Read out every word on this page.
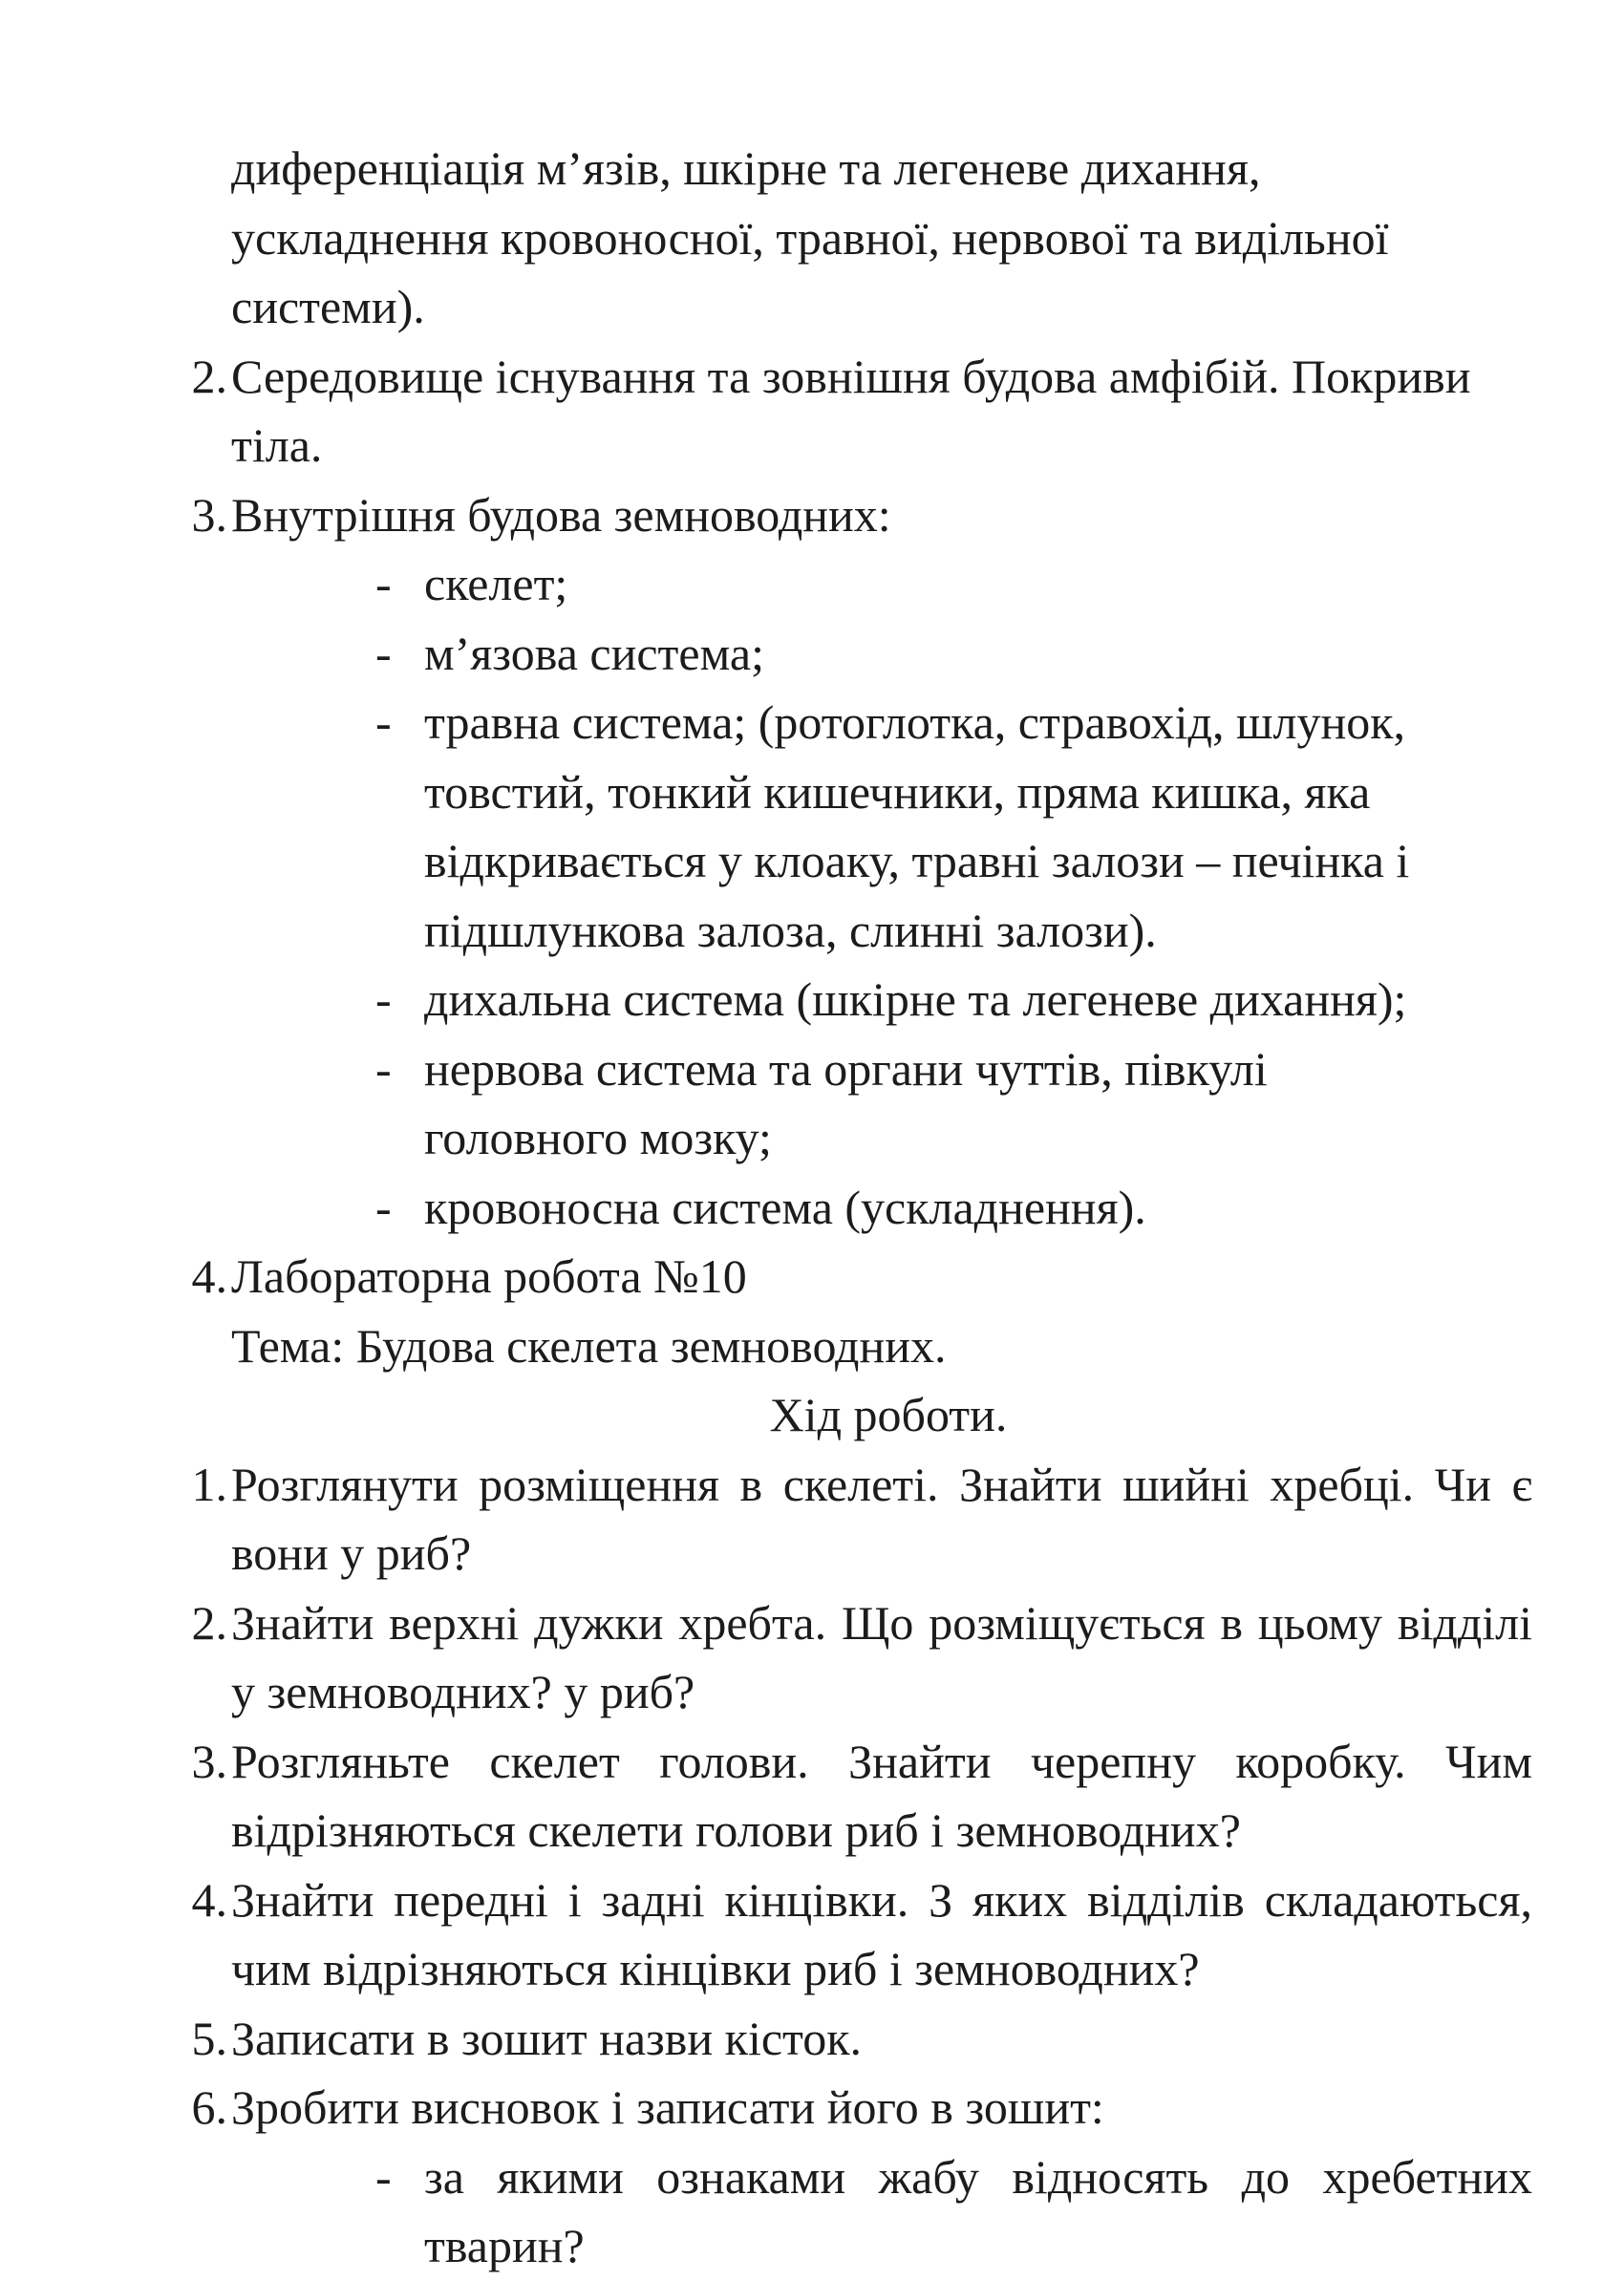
диференціація м’язів, шкірне та легеневе дихання,
ускладнення кровоносної, травної, нервової та видільної
системи).
2. Середовище існування та зовнішня будова амфібій. Покриви тіла.
3. Внутрішня будова земноводних:
- скелет;
- м’язова система;
- травна система; (ротоглотка, стравохід, шлунок, товстий, тонкий кишечники, пряма кишка, яка відкривається у клоаку, травні залози – печінка і підшлункова залоза, слинні залози).
- дихальна система (шкірне та легеневе дихання);
- нервова система та органи чуттів, півкулі головного мозку;
- кровоносна система (ускладнення).
4. Лабораторна робота №10
Тема: Будова скелета земноводних.
Хід роботи.
1. Розглянути розміщення в скелеті. Знайти шийні хребці. Чи є вони у риб?
2. Знайти верхні дужки хребта. Що розміщується в цьому відділі у земноводних? у риб?
3. Розгляньте скелет голови. Знайти черепну коробку. Чим відрізняються скелети голови риб і земноводних?
4. Знайти передні і задні кінцівки. З яких відділів складаються, чим відрізняються кінцівки риб і земноводних?
5. Записати в зошит назви кісток.
6. Зробити висновок і записати його в зошит:
- за якими ознаками жабу відносять до хребетних тварин?
